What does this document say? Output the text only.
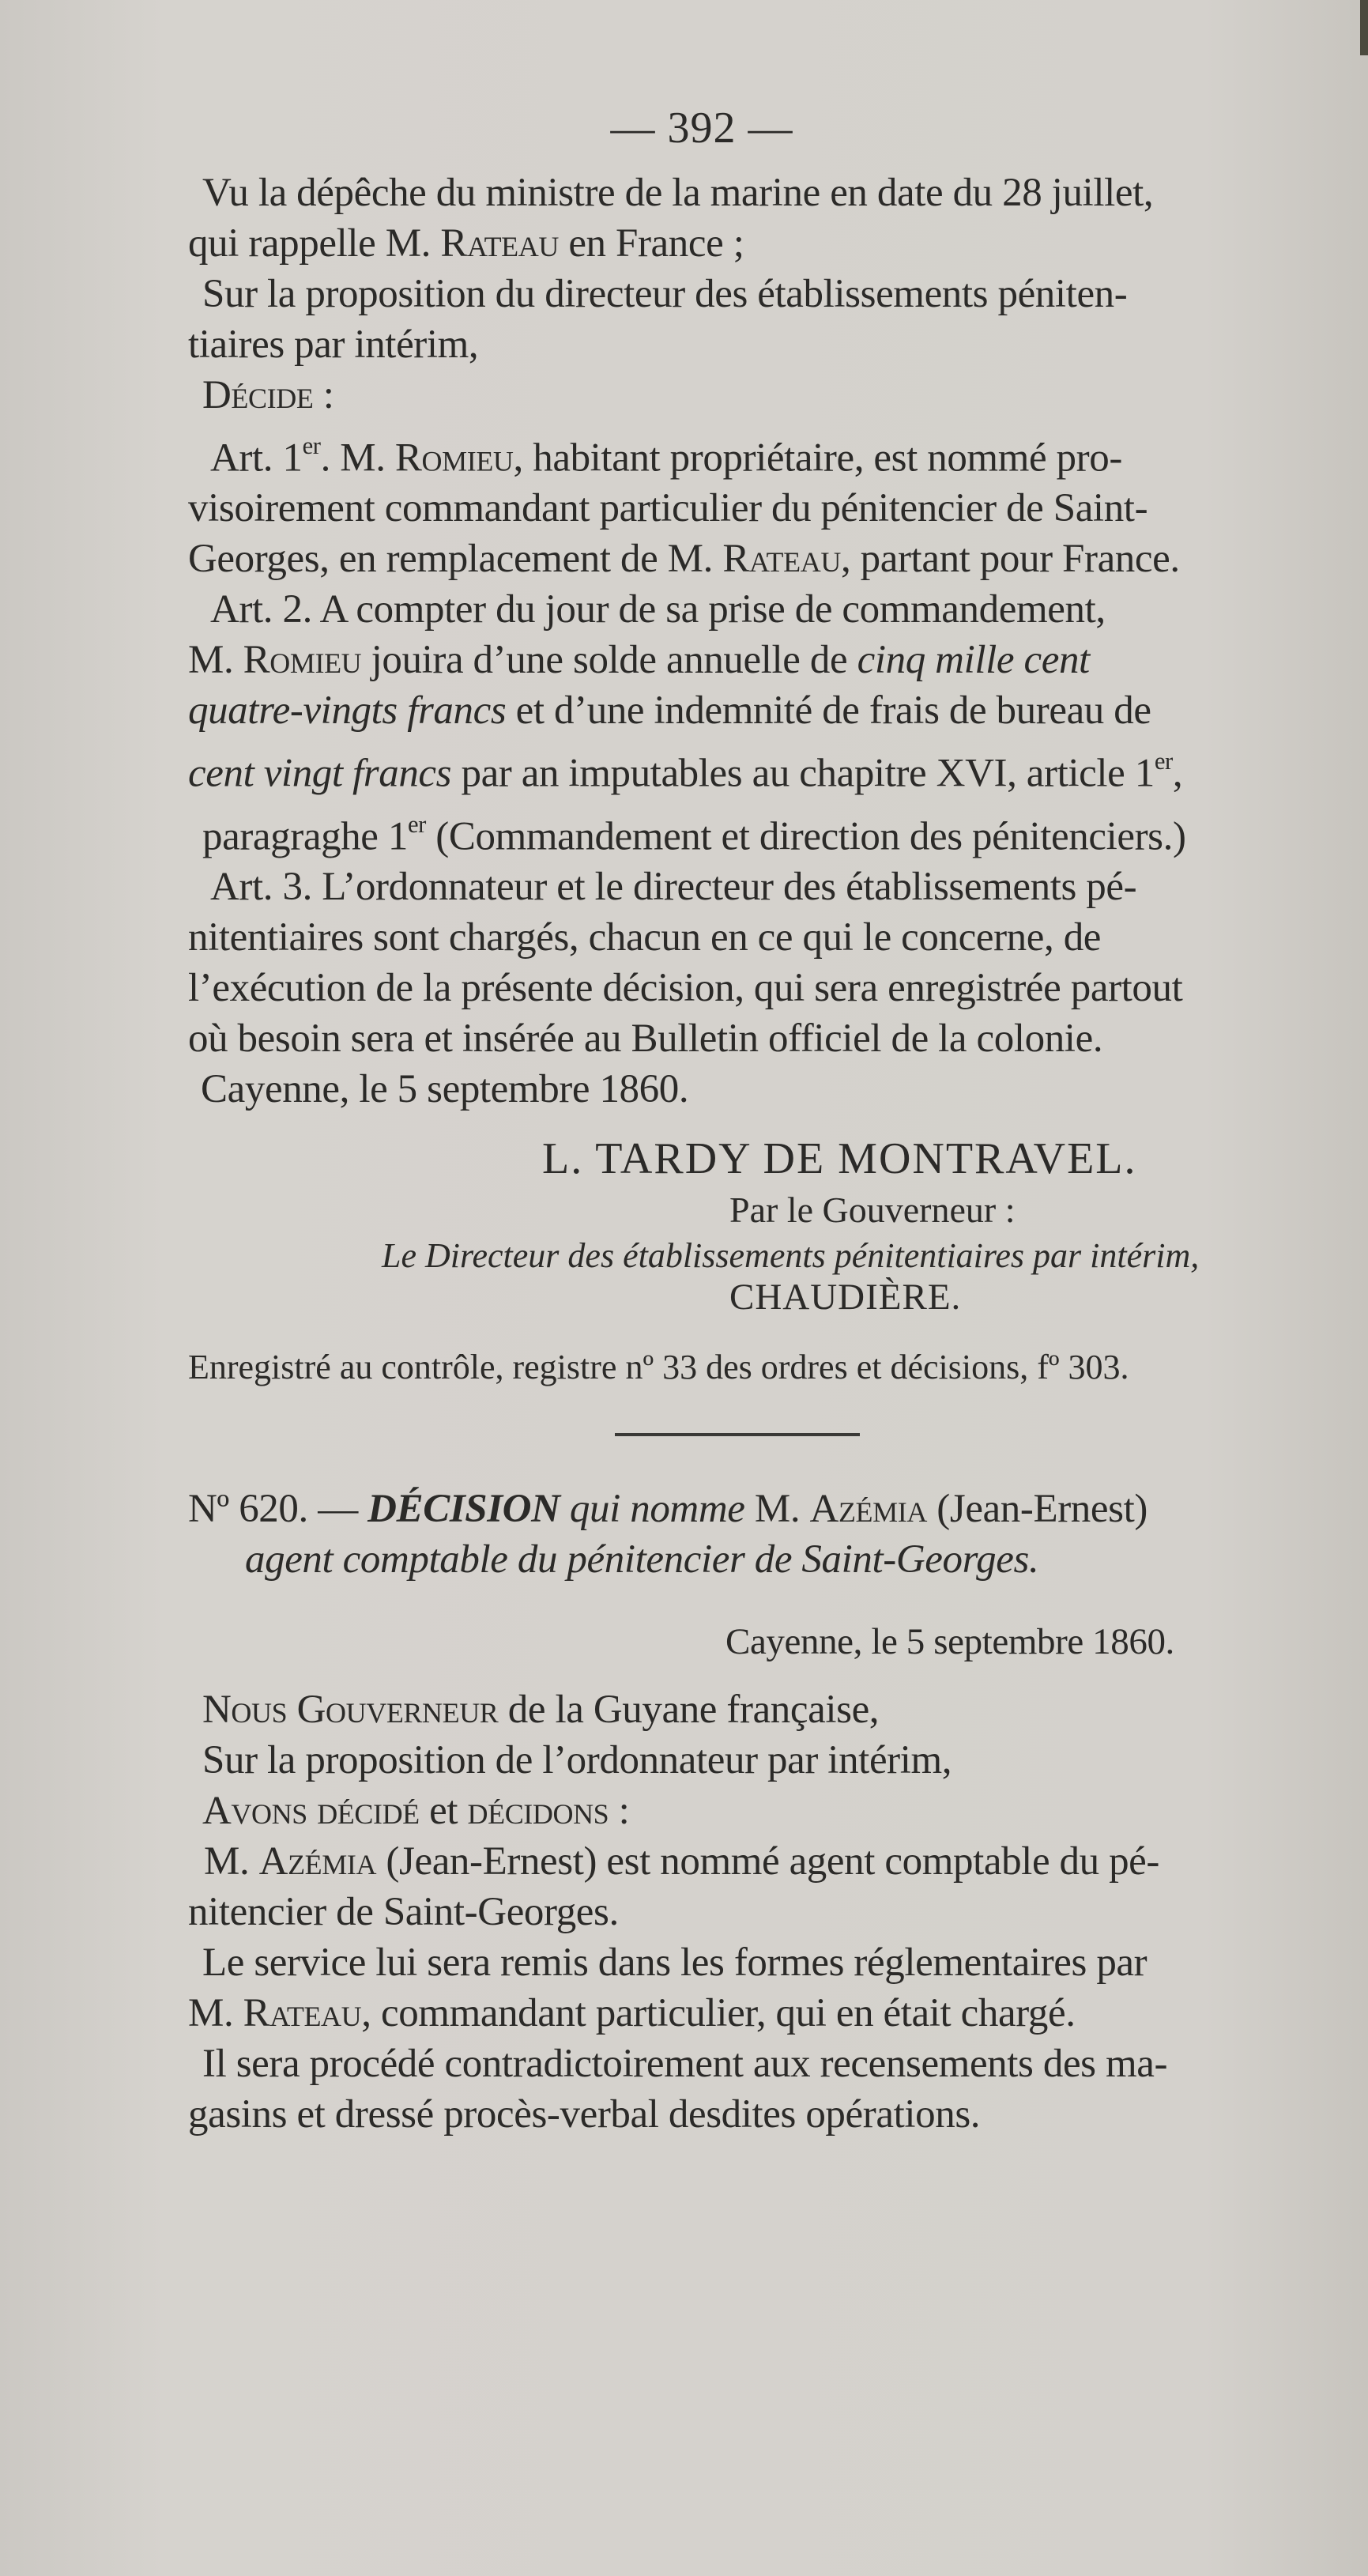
— 392 —
Vu la dépêche du ministre de la marine en date du 28 juillet,
qui rappelle M. Rateau en France ;
Sur la proposition du directeur des établissements péniten-
tiaires par intérim,
Décide :
Art. 1er. M. Romieu, habitant propriétaire, est nommé pro-
visoirement commandant particulier du pénitencier de Saint-
Georges, en remplacement de M. Rateau, partant pour France.
Art. 2. A compter du jour de sa prise de commandement,
M. Romieu jouira d’une solde annuelle de cinq mille cent
quatre-vingts francs et d’une indemnité de frais de bureau de
cent vingt francs par an imputables au chapitre XVI, article 1er,
paragraghe 1er (Commandement et direction des pénitenciers.)
Art. 3. L’ordonnateur et le directeur des établissements pé-
nitentiaires sont chargés, chacun en ce qui le concerne, de
l’exécution de la présente décision, qui sera enregistrée partout
où besoin sera et insérée au Bulletin officiel de la colonie.
Cayenne, le 5 septembre 1860.
L. TARDY DE MONTRAVEL.
Par le Gouverneur :
Le Directeur des établissements pénitentiaires par intérim,
CHAUDIÈRE.
Enregistré au contrôle, registre nº 33 des ordres et décisions, fº 303.
Nº 620. — DÉCISION qui nomme M. Azémia (Jean-Ernest)
agent comptable du pénitencier de Saint-Georges.
Cayenne, le 5 septembre 1860.
Nous Gouverneur de la Guyane française,
Sur la proposition de l’ordonnateur par intérim,
Avons décidé et décidons :
M. Azémia (Jean-Ernest) est nommé agent comptable du pé-
nitencier de Saint-Georges.
Le service lui sera remis dans les formes réglementaires par
M. Rateau, commandant particulier, qui en était chargé.
Il sera procédé contradictoirement aux recensements des ma-
gasins et dressé procès-verbal desdites opérations.
